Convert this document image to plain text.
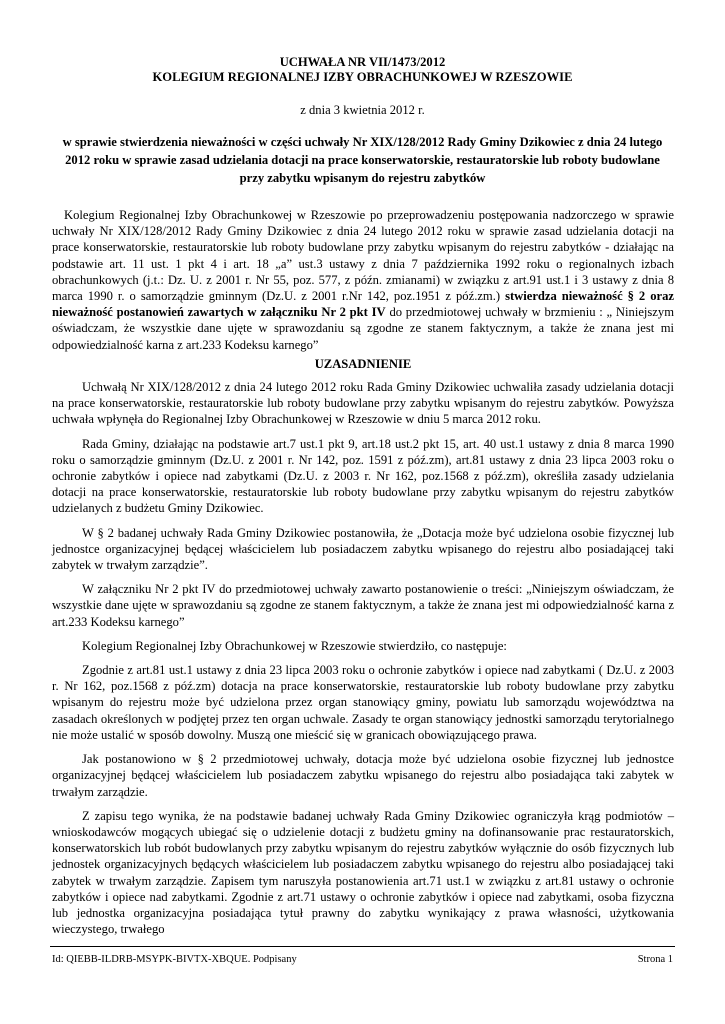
UCHWAŁA NR VII/1473/2012
KOLEGIUM REGIONALNEJ IZBY OBRACHUNKOWEJ W RZESZOWIE
z dnia 3 kwietnia 2012 r.
w sprawie stwierdzenia nieważności w części uchwały Nr XIX/128/2012 Rady Gminy Dzikowiec z dnia 24 lutego 2012 roku w sprawie zasad udzielania dotacji na prace konserwatorskie, restauratorskie lub roboty budowlane przy zabytku wpisanym do rejestru zabytków

Kolegium Regionalnej Izby Obrachunkowej w Rzeszowie po przeprowadzeniu postępowania nadzorczego w sprawie uchwały Nr XIX/128/2012 Rady Gminy Dzikowiec z dnia 24 lutego 2012 roku w sprawie zasad udzielania dotacji na prace konserwatorskie, restauratorskie lub roboty budowlane przy zabytku wpisanym do rejestru zabytków - działając na podstawie art. 11 ust. 1 pkt 4 i art. 18 „a” ust.3 ustawy z dnia 7 października 1992 roku o regionalnych izbach obrachunkowych (j.t.: Dz. U. z 2001 r. Nr 55, poz. 577, z późn. zmianami) w związku z art.91 ust.1 i 3 ustawy z dnia 8 marca 1990 r. o samorządzie gminnym (Dz.U. z 2001 r.Nr 142, poz.1951 z póź.zm.) stwierdza nieważność § 2 oraz nieważność postanowień zawartych w załączniku Nr 2 pkt IV do przedmiotowej uchwały w brzmieniu : „ Niniejszym oświadczam, że wszystkie dane ujęte w sprawozdaniu są zgodne ze stanem faktycznym, a także że znana jest mi odpowiedzialność karna z art.233 Kodeksu karnego”

UZASADNIENIE

Uchwałą Nr XIX/128/2012 z dnia 24 lutego 2012 roku Rada Gminy Dzikowiec uchwaliła zasady udzielania dotacji na prace konserwatorskie, restauratorskie lub roboty budowlane przy zabytku wpisanym do rejestru zabytków. Powyższa uchwała wpłynęła do Regionalnej Izby Obrachunkowej w Rzeszowie w dniu 5 marca 2012 roku.

Rada Gminy, działając na podstawie art.7 ust.1 pkt 9, art.18 ust.2 pkt 15, art. 40 ust.1 ustawy z dnia 8 marca 1990 roku o samorządzie gminnym (Dz.U. z 2001 r. Nr 142, poz. 1591 z póź.zm), art.81 ustawy z dnia 23 lipca 2003 roku o ochronie zabytków i opiece nad zabytkami (Dz.U. z 2003 r. Nr 162, poz.1568 z póź.zm), określiła zasady udzielania dotacji na prace konserwatorskie, restauratorskie lub roboty budowlane przy zabytku wpisanym do rejestru zabytków udzielanych z budżetu Gminy Dzikowiec.

W § 2 badanej uchwały Rada Gminy Dzikowiec postanowiła, że „Dotacja może być udzielona osobie fizycznej lub jednostce organizacyjnej będącej właścicielem lub posiadaczem zabytku wpisanego do rejestru albo posiadającej taki zabytek w trwałym zarządzie”.

W załączniku Nr 2 pkt IV do przedmiotowej uchwały zawarto postanowienie o treści: „Niniejszym oświadczam, że wszystkie dane ujęte w sprawozdaniu są zgodne ze stanem faktycznym, a także że znana jest mi odpowiedzialność karna z art.233 Kodeksu karnego”

Kolegium Regionalnej Izby Obrachunkowej w Rzeszowie stwierdziło, co następuje:

Zgodnie z art.81 ust.1 ustawy z dnia 23 lipca 2003 roku o ochronie zabytków i opiece nad zabytkami ( Dz.U. z 2003 r. Nr 162, poz.1568 z póź.zm) dotacja na prace konserwatorskie, restauratorskie lub roboty budowlane przy zabytku wpisanym do rejestru może być udzielona przez organ stanowiący gminy, powiatu lub samorządu województwa na zasadach określonych w podjętej przez ten organ uchwale. Zasady te organ stanowiący jednostki samorządu terytorialnego nie może ustalić w sposób dowolny. Muszą one mieścić się w granicach obowiązującego prawa.

Jak postanowiono w § 2 przedmiotowej uchwały, dotacja może być udzielona osobie fizycznej lub jednostce organizacyjnej będącej właścicielem lub posiadaczem zabytku wpisanego do rejestru albo posiadająca taki zabytek w trwałym zarządzie.

Z zapisu tego wynika, że na podstawie badanej uchwały Rada Gminy Dzikowiec ograniczyła krąg podmiotów – wnioskodawców mogących ubiegać się o udzielenie dotacji z budżetu gminy na dofinansowanie prac restauratorskich, konserwatorskich lub robót budowlanych przy zabytku wpisanym do rejestru zabytków wyłącznie do osób fizycznych lub jednostek organizacyjnych będących właścicielem lub posiadaczem zabytku wpisanego do rejestru albo posiadającej taki zabytek w trwałym zarządzie. Zapisem tym naruszyła postanowienia art.71 ust.1 w związku z art.81 ustawy o ochronie zabytków i opiece nad zabytkami. Zgodnie z art.71 ustawy o ochronie zabytków i opiece nad zabytkami, osoba fizyczna lub jednostka organizacyjna posiadająca tytuł prawny do zabytku wynikający z prawa własności, użytkowania wieczystego, trwałego

Id: QIEBB-ILDRB-MSYPK-BIVTX-XBQUE. Podpisany	Strona 1
